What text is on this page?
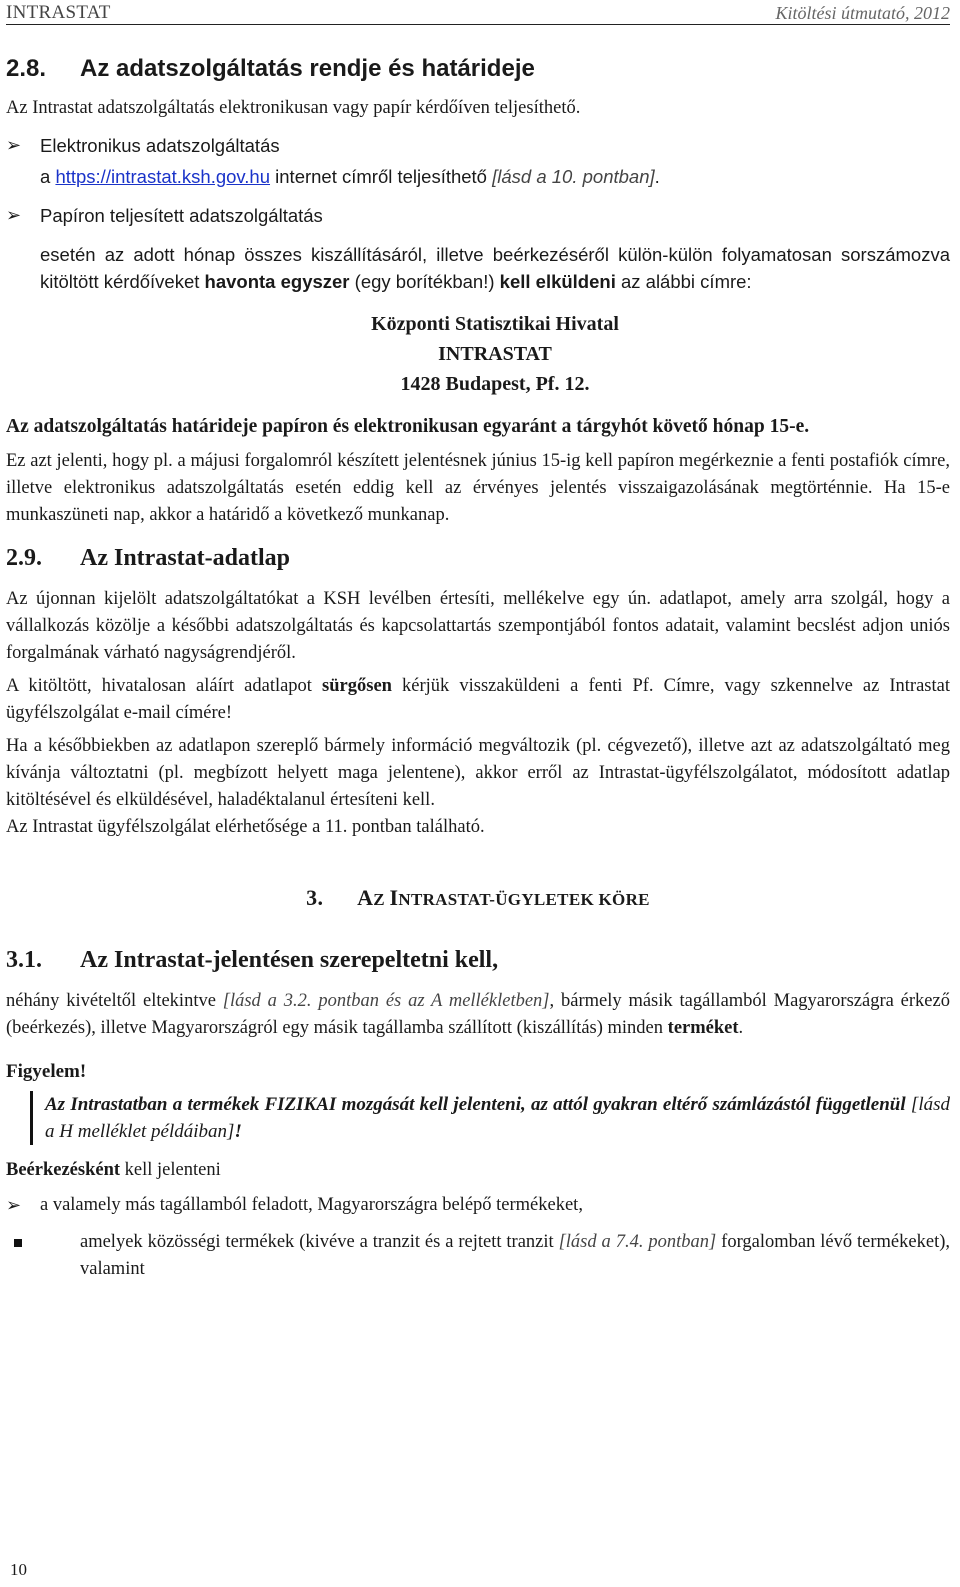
INTRASTAT	Kitöltési útmutató, 2012
2.8.	Az adatszolgáltatás rendje és határideje

Az Intrastat adatszolgáltatás elektronikusan vagy papír kérdőíven teljesíthető.

➢	Elektronikus adatszolgáltatás

a https://intrastat.ksh.gov.hu internet címről teljesíthető [lásd a 10. pontban].

➢	Papíron teljesített adatszolgáltatás

esetén az adott hónap összes kiszállításáról, illetve beérkezéséről külön-külön folyamatosan sorszámozva kitöltött kérdőíveket havonta egyszer (egy borítékban!) kell elküldeni az alábbi címre:

Központi Statisztikai Hivatal
INTRASTAT
1428 Budapest, Pf. 12.

Az adatszolgáltatás határideje papíron és elektronikusan egyaránt a tárgyhót követő hónap 15-e.

Ez azt jelenti, hogy pl. a májusi forgalomról készített jelentésnek június 15-ig kell papíron megérkeznie a fenti postafiók címre, illetve elektronikus adatszolgáltatás esetén eddig kell az érvényes jelentés visszaigazolásának megtörténnie. Ha 15-e munkaszüneti nap, akkor a határidő a következő munkanap.

2.9.	Az Intrastat-adatlap

Az újonnan kijelölt adatszolgáltatókat a KSH levélben értesíti, mellékelve egy ún. adatlapot, amely arra szolgál, hogy a vállalkozás közölje a későbbi adatszolgáltatás és kapcsolattartás szempontjából fontos adatait, valamint becslést adjon uniós forgalmának várható nagyságrendjéről.

A kitöltött, hivatalosan aláírt adatlapot sürgősen kérjük visszaküldeni a fenti Pf. Címre, vagy szkennelve az Intrastat ügyfélszolgálat e-mail címére!

Ha a későbbiekben az adatlapon szereplő bármely információ megváltozik (pl. cégvezető), illetve azt az adatszolgáltató meg kívánja változtatni (pl. megbízott helyett maga jelentene), akkor erről az Intrastat-ügyfélszolgálatot, módosított adatlap kitöltésével és elküldésével, haladéktalanul értesíteni kell.

Az Intrastat ügyfélszolgálat elérhetősége a 11. pontban található.

3. AZ INTRASTAT-ÜGYLETEK KÖRE
3.1.	Az Intrastat-jelentésen szerepeltetni kell,

néhány kivételtől eltekintve [lásd a 3.2. pontban és az A mellékletben], bármely másik tagállamból Magyarországra érkező (beérkezés), illetve Magyarországról egy másik tagállamba szállított (kiszállítás) minden terméket.

Figyelem!

Az Intrastatban a termékek FIZIKAI mozgását kell jelenteni, az attól gyakran eltérő számlázástól függetlenül [lásd a H melléklet példáiban]!

Beérkezésként kell jelenteni

➢	a valamely más tagállamból feladott, Magyarországra belépő termékeket,

amelyek közösségi termékek (kivéve a tranzit és a rejtett tranzit [lásd a 7.4. pontban] forgalomban lévő termékeket), valamint

10
